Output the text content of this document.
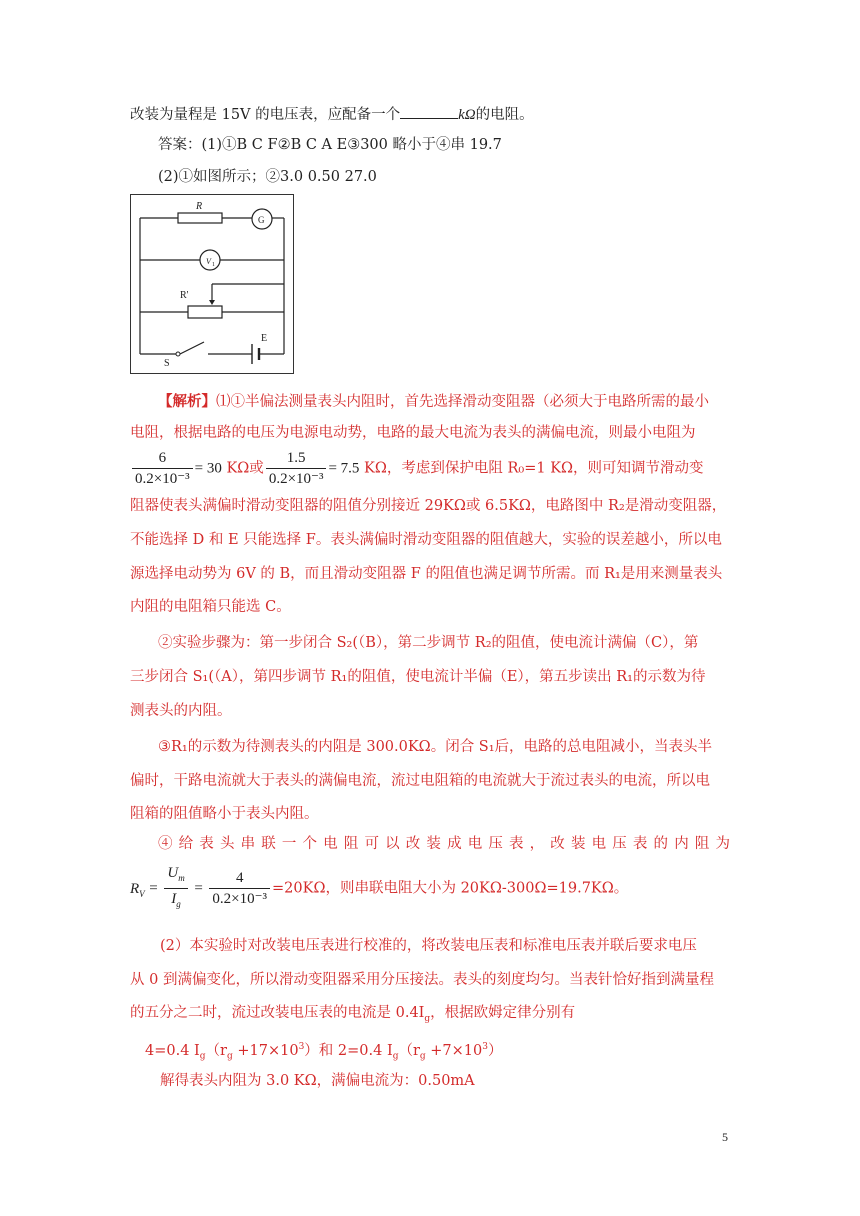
改装为量程是 15V 的电压表，应配备一个	kΩ的电阻。
答案：(1)①B C F②B C A E③300 略小于④串 19.7
(2)①如图所示；②3.0 0.50 27.0
R
G
V 1
R'
E
S
【解析】⑴①半偏法测量表头内阻时，首先选择滑动变阻器（必须大于电路所需的最小
电阻，根据电路的电压为电源电动势，电路的最大电流为表头的满偏电流，则最小电阻为
$\frac{6}{\text{0.2×10⁻³}} = 30$ KΩ或 $\frac{1.5}{\text{0.2×10⁻³}} = 7.5$ KΩ，考虑到保护电阻 R₀=1 KΩ，则可知调节滑动变
阻器使表头满偏时滑动变阻器的阻值分别接近 29KΩ或 6.5KΩ，电路图中 R₂是滑动变阻器，
不能选择 D 和 E 只能选择 F。表头满偏时滑动变阻器的阻值越大，实验的误差越小，所以电
源选择电动势为 6V 的 B，而且滑动变阻器 F 的阻值也满足调节所需。而 R₁是用来测量表头
内阻的电阻箱只能选 C。
②实验步骤为：第一步闭合 S₂(（B），第二步调节 R₂的阻值，使电流计满偏（C），第
三步闭合 S₁(（A），第四步调节 R₁的阻值，使电流计半偏（E），第五步读出 R₁的示数为待
测表头的内阻。
③R₁的示数为待测表头的内阻是 300.0KΩ。闭合 S₁后，电路的总电阻减小，当表头半
偏时，干路电流就大于表头的满偏电流，流过电阻箱的电流就大于流过表头的电流，所以电
阻箱的阻值略小于表头内阻。
④ 给 表 头 串 联 一 个 电 阻 可 以 改 装 成 电 压 表 ， 改 装 电 压 表 的 内 阻 为
$R_V = \frac{U_m}{I_g} = \frac{4}{\text{0.2×10⁻³}} =20K\Omega$，则串联电阻大小为 20KΩ-300Ω=19.7KΩ。
(2）本实验时对改装电压表进行校准的，将改装电压表和标准电压表并联后要求电压
从 0 到满偏变化，所以滑动变阻器采用分压接法。表头的刻度均匀。当表针恰好指到满量程
的五分之二时，流过改装电压表的电流是 $0.4I_g$，根据欧姆定律分别有
4=0.4 $I_g(r_g +17\times 10^3)$和 2=0.4 $I_g(r_g +7\times 10^3)$
解得表头内阻为 3.0 KΩ，满偏电流为：0.50mA
5
